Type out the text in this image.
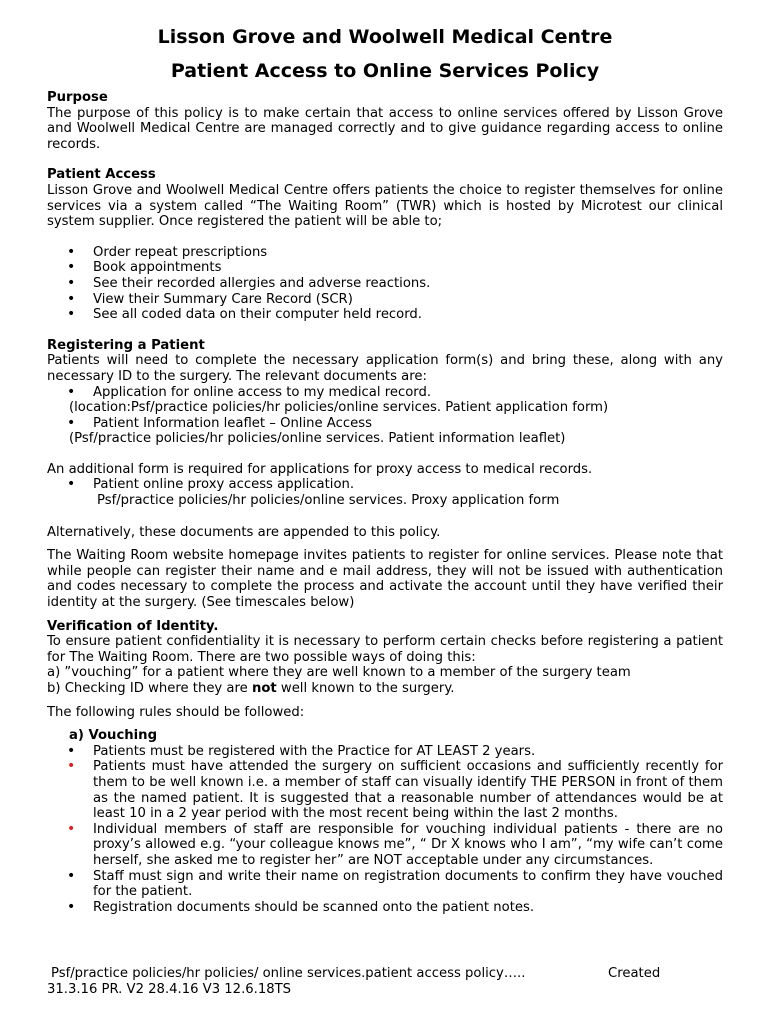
Lisson Grove and Woolwell Medical Centre
Patient Access to Online Services Policy
Purpose

The purpose of this policy is to make certain that access to online services offered by Lisson Grove and Woolwell Medical Centre are managed correctly and to give guidance regarding access to online records.

Patient Access

Lisson Grove and Woolwell Medical Centre offers patients the choice to register themselves for online services via a system called “The Waiting Room” (TWR) which is hosted by Microtest our clinical system supplier. Once registered the patient will be able to;

• Order repeat prescriptions
• Book appointments
• See their recorded allergies and adverse reactions.
• View their Summary Care Record (SCR)
• See all coded data on their computer held record.
Registering a Patient

Patients will need to complete the necessary application form(s) and bring these, along with any necessary ID to the surgery. The relevant documents are:

• Application for online access to my medical record.

(location:Psf/practice policies/hr policies/online services. Patient application form)

• Patient Information leaflet – Online Access

(Psf/practice policies/hr policies/online services. Patient information leaflet)

An additional form is required for applications for proxy access to medical records.

• Patient online proxy access application.

Psf/practice policies/hr policies/online services. Proxy application form

Alternatively, these documents are appended to this policy.

The Waiting Room website homepage invites patients to register for online services. Please note that while people can register their name and e mail address, they will not be issued with authentication and codes necessary to complete the process and activate the account until they have verified their identity at the surgery. (See timescales below)

Verification of Identity.

To ensure patient confidentiality it is necessary to perform certain checks before registering a patient for The Waiting Room. There are two possible ways of doing this:

a) ”vouching” for a patient where they are well known to a member of the surgery team

b) Checking ID where they are not well known to the surgery.

The following rules should be followed:

a) Vouching
• Patients must be registered with the Practice for AT LEAST 2 years.
• Patients must have attended the surgery on sufficient occasions and sufficiently recently for them to be well known i.e. a member of staff can visually identify THE PERSON in front of them as the named patient. It is suggested that a reasonable number of attendances would be at least 10 in a 2 year period with the most recent being within the last 2 months.
• Individual members of staff are responsible for vouching individual patients - there are no proxy’s allowed e.g. “your colleague knows me”, “ Dr X knows who I am”, “my wife can’t come herself, she asked me to register her” are NOT acceptable under any circumstances.
• Staff must sign and write their name on registration documents to confirm they have vouched for the patient.
• Registration documents should be scanned onto the patient notes.
Psf/practice policies/hr policies/ online services.patient access policy…..	Created
31.3.16 PR. V2 28.4.16 V3 12.6.18TS
